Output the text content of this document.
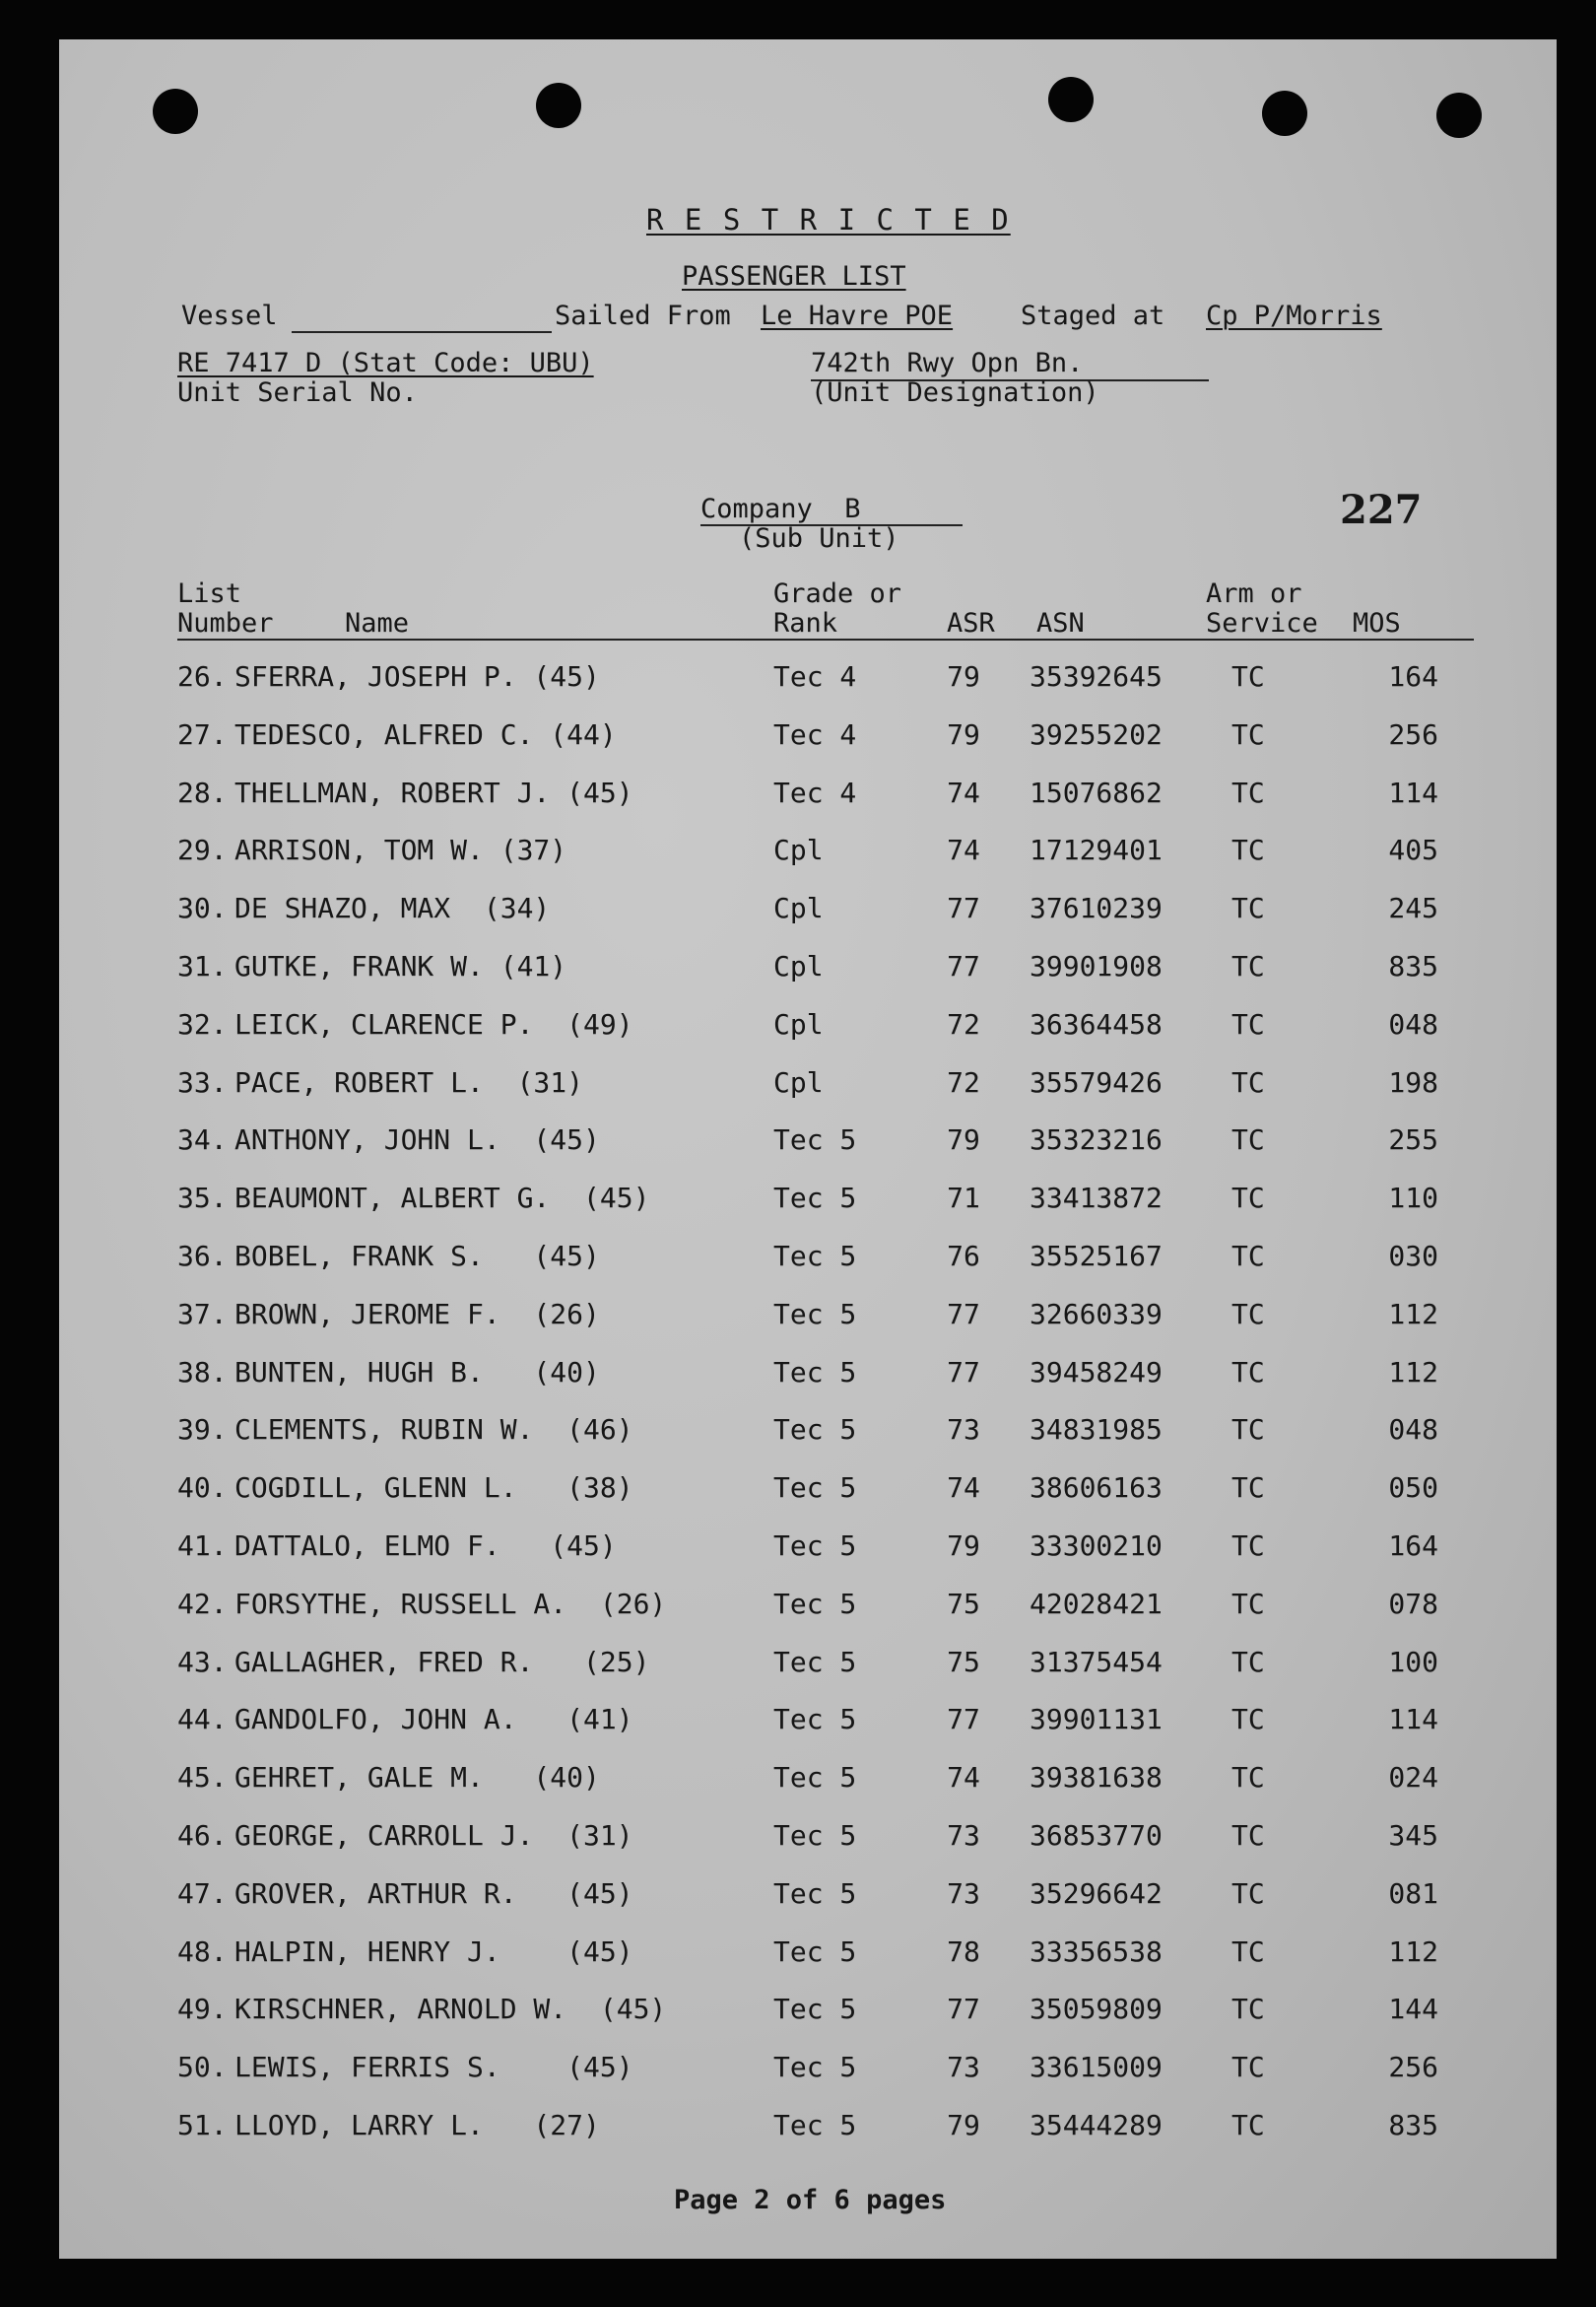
R E S T R I C T E D
PASSENGER LIST
Vessel	Sailed From Le Havre POE	Staged at Cp P/Morris
RE 7417 D (Stat Code: UBU)
Unit Serial No.
742th Rwy Opn Bn.
(Unit Designation)
Company  B
(Sub Unit)
227
List
Number	Name
Grade or
Rank	ASR ASN
Arm or
Service MOS
26. SFERRA, JOSEPH P. (45)	Tec 4	79	35392645	TC	164
27. TEDESCO, ALFRED C. (44)	Tec 4	79	39255202	TC	256
28. THELLMAN, ROBERT J. (45)	Tec 4	74	15076862	TC	114
29. ARRISON, TOM W. (37)	Cpl	74	17129401	TC	405
30. DE SHAZO, MAX  (34)	Cpl	77	37610239	TC	245
31. GUTKE, FRANK W. (41)	Cpl	77	39901908	TC	835
32. LEICK, CLARENCE P.  (49)	Cpl	72	36364458	TC	048
33. PACE, ROBERT L.  (31)	Cpl	72	35579426	TC	198
34. ANTHONY, JOHN L.  (45)	Tec 5	79	35323216	TC	255
35. BEAUMONT, ALBERT G.  (45)	Tec 5	71	33413872	TC	110
36. BOBEL, FRANK S.   (45)	Tec 5	76	35525167	TC	030
37. BROWN, JEROME F.  (26)	Tec 5	77	32660339	TC	112
38. BUNTEN, HUGH B.   (40)	Tec 5	77	39458249	TC	112
39. CLEMENTS, RUBIN W.  (46)	Tec 5	73	34831985	TC	048
40. COGDILL, GLENN L.   (38)	Tec 5	74	38606163	TC	050
41. DATTALO, ELMO F.   (45)	Tec 5	79	33300210	TC	164
42. FORSYTHE, RUSSELL A.  (26)	Tec 5	75	42028421	TC	078
43. GALLAGHER, FRED R.   (25)	Tec 5	75	31375454	TC	100
44. GANDOLFO, JOHN A.   (41)	Tec 5	77	39901131	TC	114
45. GEHRET, GALE M.   (40)	Tec 5	74	39381638	TC	024
46. GEORGE, CARROLL J.  (31)	Tec 5	73	36853770	TC	345
47. GROVER, ARTHUR R.   (45)	Tec 5	73	35296642	TC	081
48. HALPIN, HENRY J.    (45)	Tec 5	78	33356538	TC	112
49. KIRSCHNER, ARNOLD W.  (45)	Tec 5	77	35059809	TC	144
50. LEWIS, FERRIS S.    (45)	Tec 5	73	33615009	TC	256
51. LLOYD, LARRY L.   (27)	Tec 5	79	35444289	TC	835
Page 2 of 6 pages
